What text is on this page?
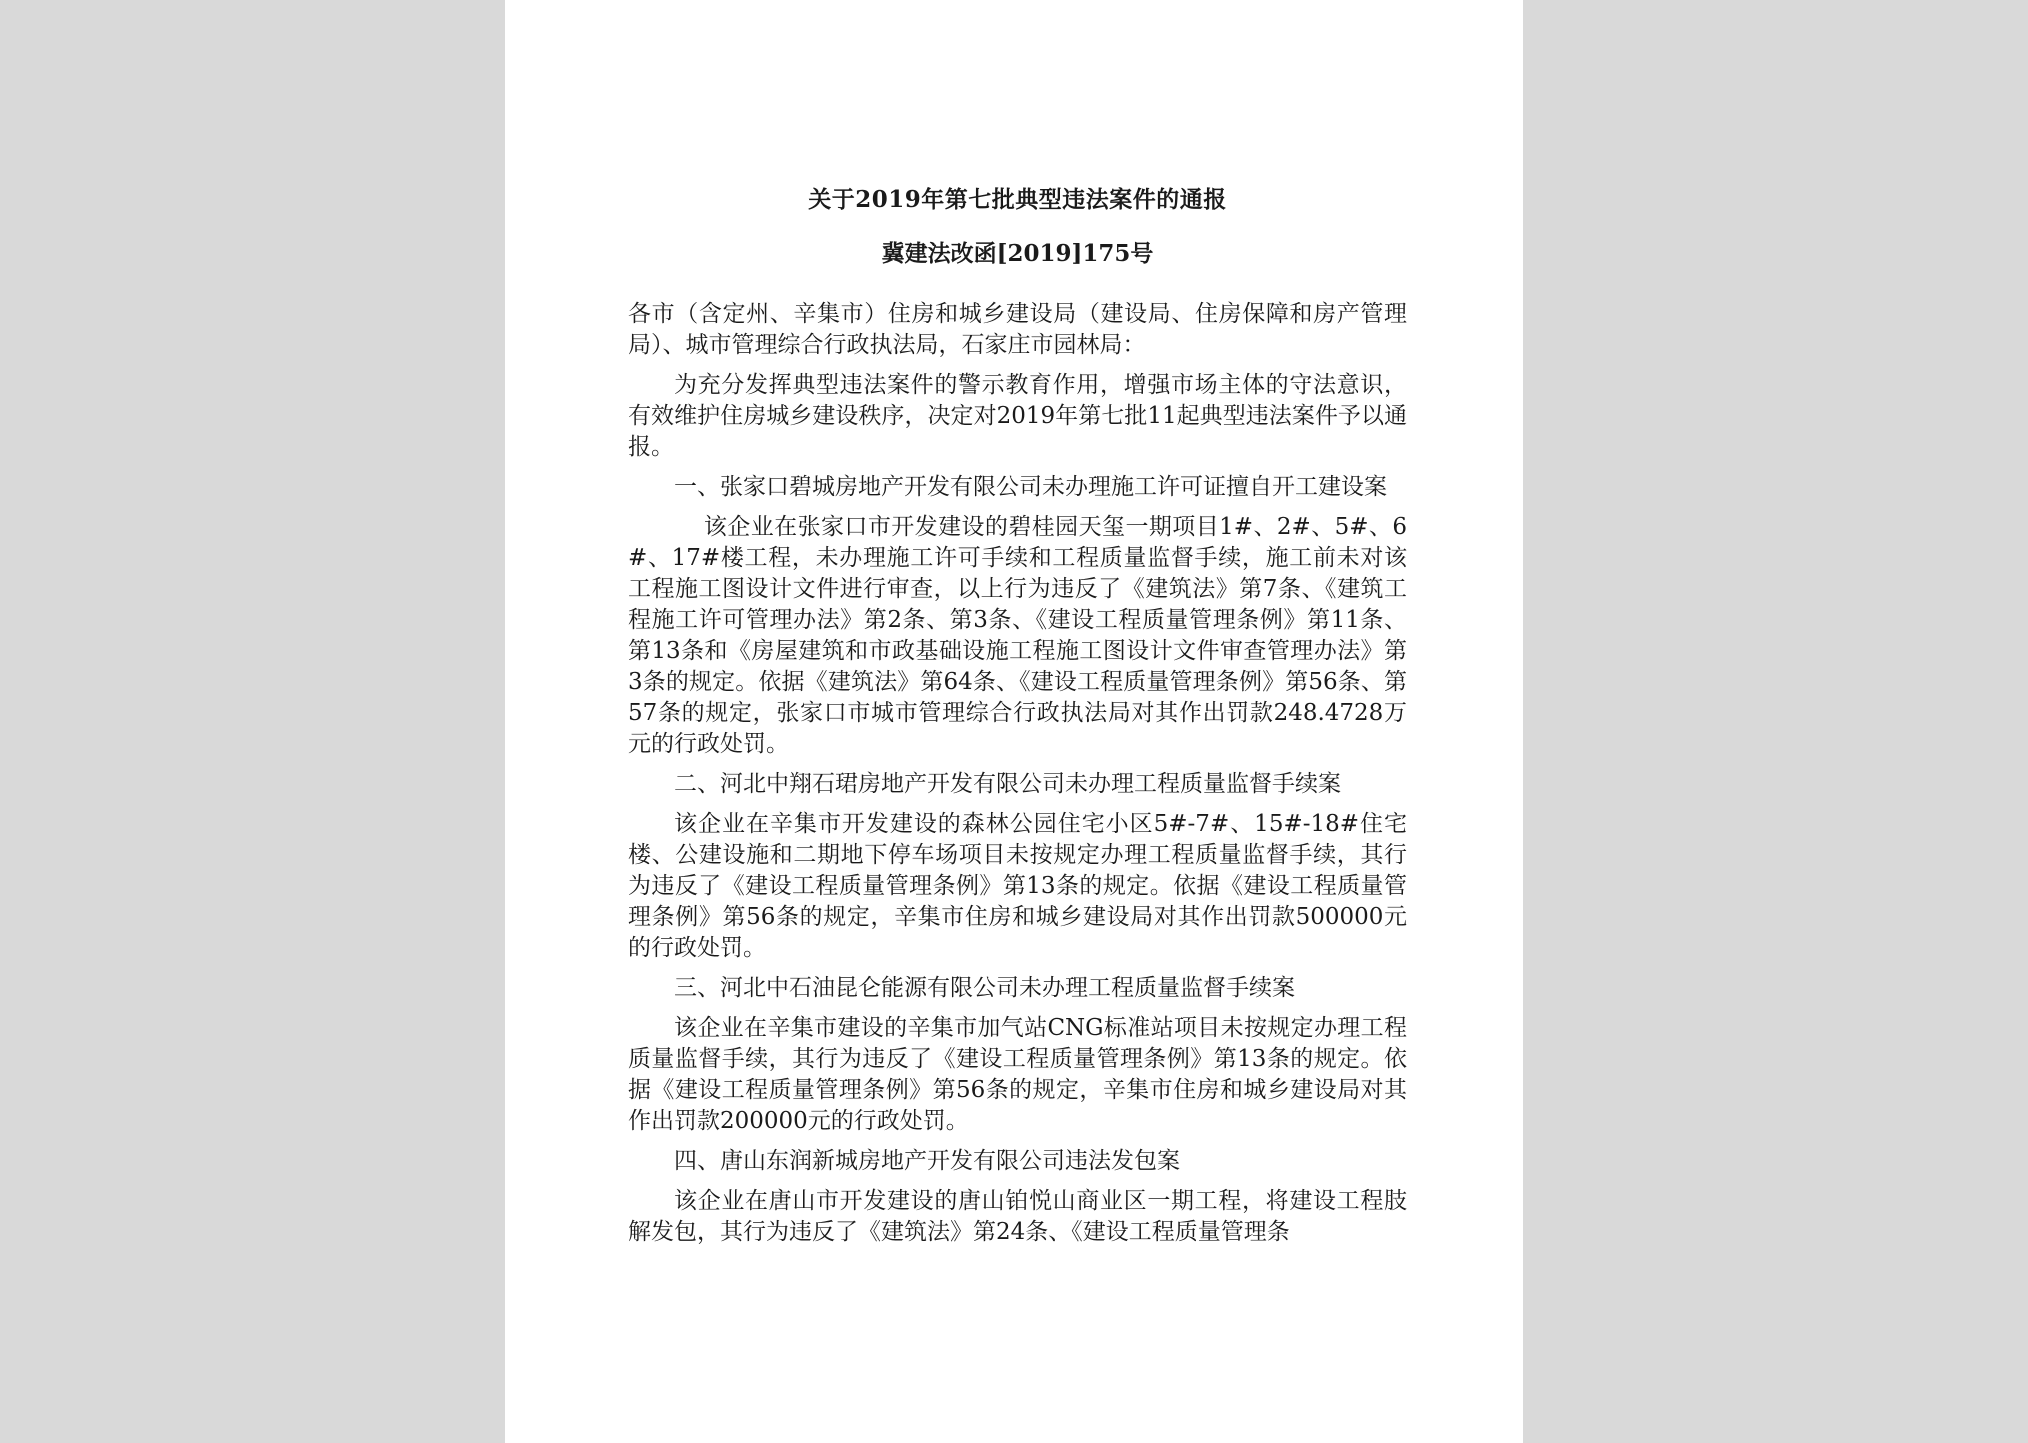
关于2019年第七批典型违法案件的通报
冀建法改函[2019]175号

各市（含定州、辛集市）住房和城乡建设局（建设局、住房保障和房产管理局）、城市管理综合行政执法局，石家庄市园林局：

为充分发挥典型违法案件的警示教育作用，增强市场主体的守法意识，有效维护住房城乡建设秩序，决定对2019年第七批11起典型违法案件予以通报。

一、张家口碧城房地产开发有限公司未办理施工许可证擅自开工建设案

该企业在张家口市开发建设的碧桂园天玺一期项目1#、2#、5#、6#、17#楼工程，未办理施工许可手续和工程质量监督手续，施工前未对该工程施工图设计文件进行审查，以上行为违反了《建筑法》第7条、《建筑工程施工许可管理办法》第2条、第3条、《建设工程质量管理条例》第11条、第13条和《房屋建筑和市政基础设施工程施工图设计文件审查管理办法》第3条的规定。依据《建筑法》第64条、《建设工程质量管理条例》第56条、第57条的规定，张家口市城市管理综合行政执法局对其作出罚款248.4728万元的行政处罚。

二、河北中翔石珺房地产开发有限公司未办理工程质量监督手续案

该企业在辛集市开发建设的森林公园住宅小区5#-7#、15#-18#住宅楼、公建设施和二期地下停车场项目未按规定办理工程质量监督手续，其行为违反了《建设工程质量管理条例》第13条的规定。依据《建设工程质量管理条例》第56条的规定，辛集市住房和城乡建设局对其作出罚款500000元的行政处罚。

三、河北中石油昆仑能源有限公司未办理工程质量监督手续案

该企业在辛集市建设的辛集市加气站CNG标准站项目未按规定办理工程质量监督手续，其行为违反了《建设工程质量管理条例》第13条的规定。依据《建设工程质量管理条例》第56条的规定，辛集市住房和城乡建设局对其作出罚款200000元的行政处罚。

四、唐山东润新城房地产开发有限公司违法发包案

该企业在唐山市开发建设的唐山铂悦山商业区一期工程，将建设工程肢解发包，其行为违反了《建筑法》第24条、《建设工程质量管理条
